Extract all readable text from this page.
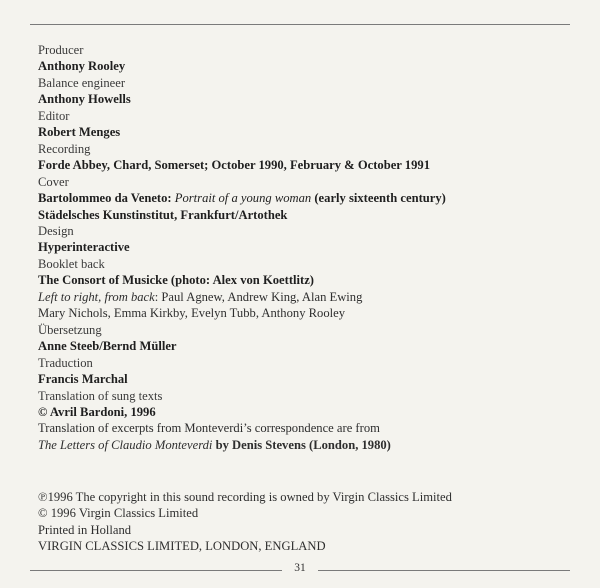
Producer
Anthony Rooley
Balance engineer
Anthony Howells
Editor
Robert Menges
Recording
Forde Abbey, Chard, Somerset; October 1990, February & October 1991
Cover
Bartolommeo da Veneto: Portrait of a young woman (early sixteenth century)
Städelsches Kunstinstitut, Frankfurt/Artothek
Design
Hyperinteractive
Booklet back
The Consort of Musicke (photo: Alex von Koettlitz)
Left to right, from back: Paul Agnew, Andrew King, Alan Ewing
Mary Nichols, Emma Kirkby, Evelyn Tubb, Anthony Rooley
Übersetzung
Anne Steeb/Bernd Müller
Traduction
Francis Marchal
Translation of sung texts
© Avril Bardoni, 1996
Translation of excerpts from Monteverdi’s correspondence are from
The Letters of Claudio Monteverdi by Denis Stevens (London, 1980)
℗1996 The copyright in this sound recording is owned by Virgin Classics Limited
© 1996 Virgin Classics Limited
Printed in Holland
VIRGIN CLASSICS LIMITED, LONDON, ENGLAND
31
